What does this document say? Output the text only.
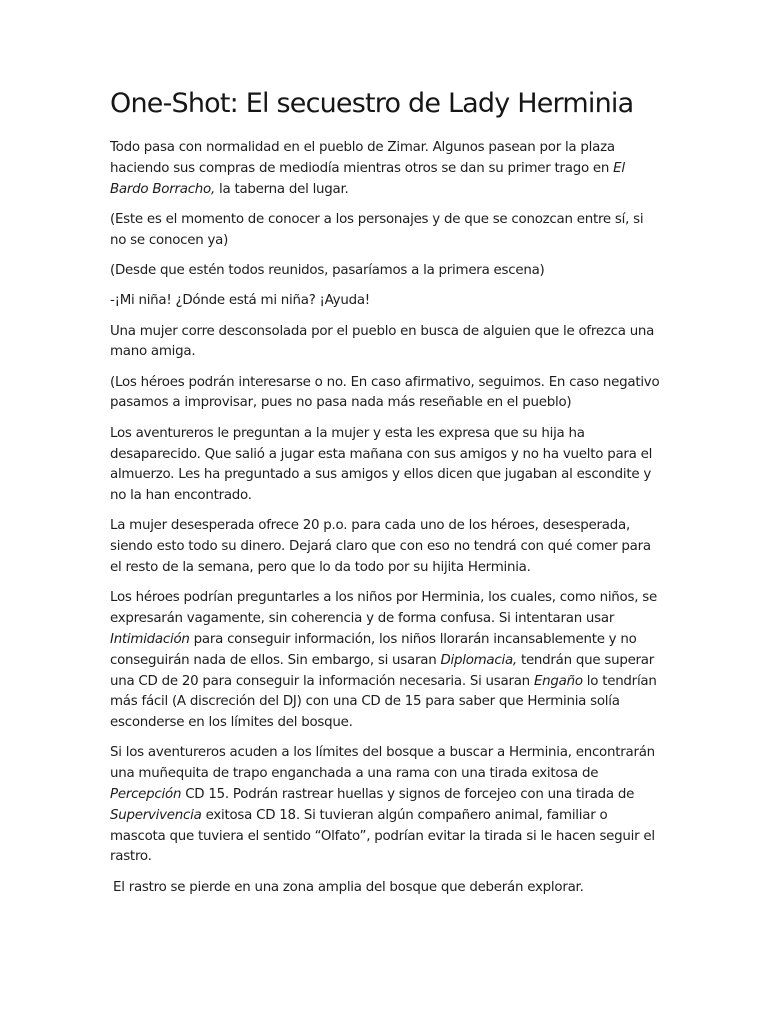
One-Shot: El secuestro de Lady Herminia

Todo pasa con normalidad en el pueblo de Zimar. Algunos pasean por la plaza haciendo sus compras de mediodía mientras otros se dan su primer trago en El Bardo Borracho, la taberna del lugar.

(Este es el momento de conocer a los personajes y de que se conozcan entre sí, si no se conocen ya)

(Desde que estén todos reunidos, pasaríamos a la primera escena)

-¡Mi niña! ¿Dónde está mi niña? ¡Ayuda!

Una mujer corre desconsolada por el pueblo en busca de alguien que le ofrezca una mano amiga.

(Los héroes podrán interesarse o no. En caso afirmativo, seguimos. En caso negativo pasamos a improvisar, pues no pasa nada más reseñable en el pueblo)

Los aventureros le preguntan a la mujer y esta les expresa que su hija ha desaparecido. Que salió a jugar esta mañana con sus amigos y no ha vuelto para el almuerzo. Les ha preguntado a sus amigos y ellos dicen que jugaban al escondite y no la han encontrado.

La mujer desesperada ofrece 20 p.o. para cada uno de los héroes, desesperada, siendo esto todo su dinero. Dejará claro que con eso no tendrá con qué comer para el resto de la semana, pero que lo da todo por su hijita Herminia.

Los héroes podrían preguntarles a los niños por Herminia, los cuales, como niños, se expresarán vagamente, sin coherencia y de forma confusa. Si intentaran usar Intimidación para conseguir información, los niños llorarán incansablemente y no conseguirán nada de ellos. Sin embargo, si usaran Diplomacia, tendrán que superar una CD de 20 para conseguir la información necesaria. Si usaran Engaño lo tendrían más fácil (A discreción del DJ) con una CD de 15 para saber que Herminia solía esconderse en los límites del bosque.

Si los aventureros acuden a los límites del bosque a buscar a Herminia, encontrarán una muñequita de trapo enganchada a una rama con una tirada exitosa de Percepción CD 15. Podrán rastrear huellas y signos de forcejeo con una tirada de Supervivencia exitosa CD 18. Si tuvieran algún compañero animal, familiar o mascota que tuviera el sentido “Olfato”, podrían evitar la tirada si le hacen seguir el rastro.

El rastro se pierde en una zona amplia del bosque que deberán explorar.
